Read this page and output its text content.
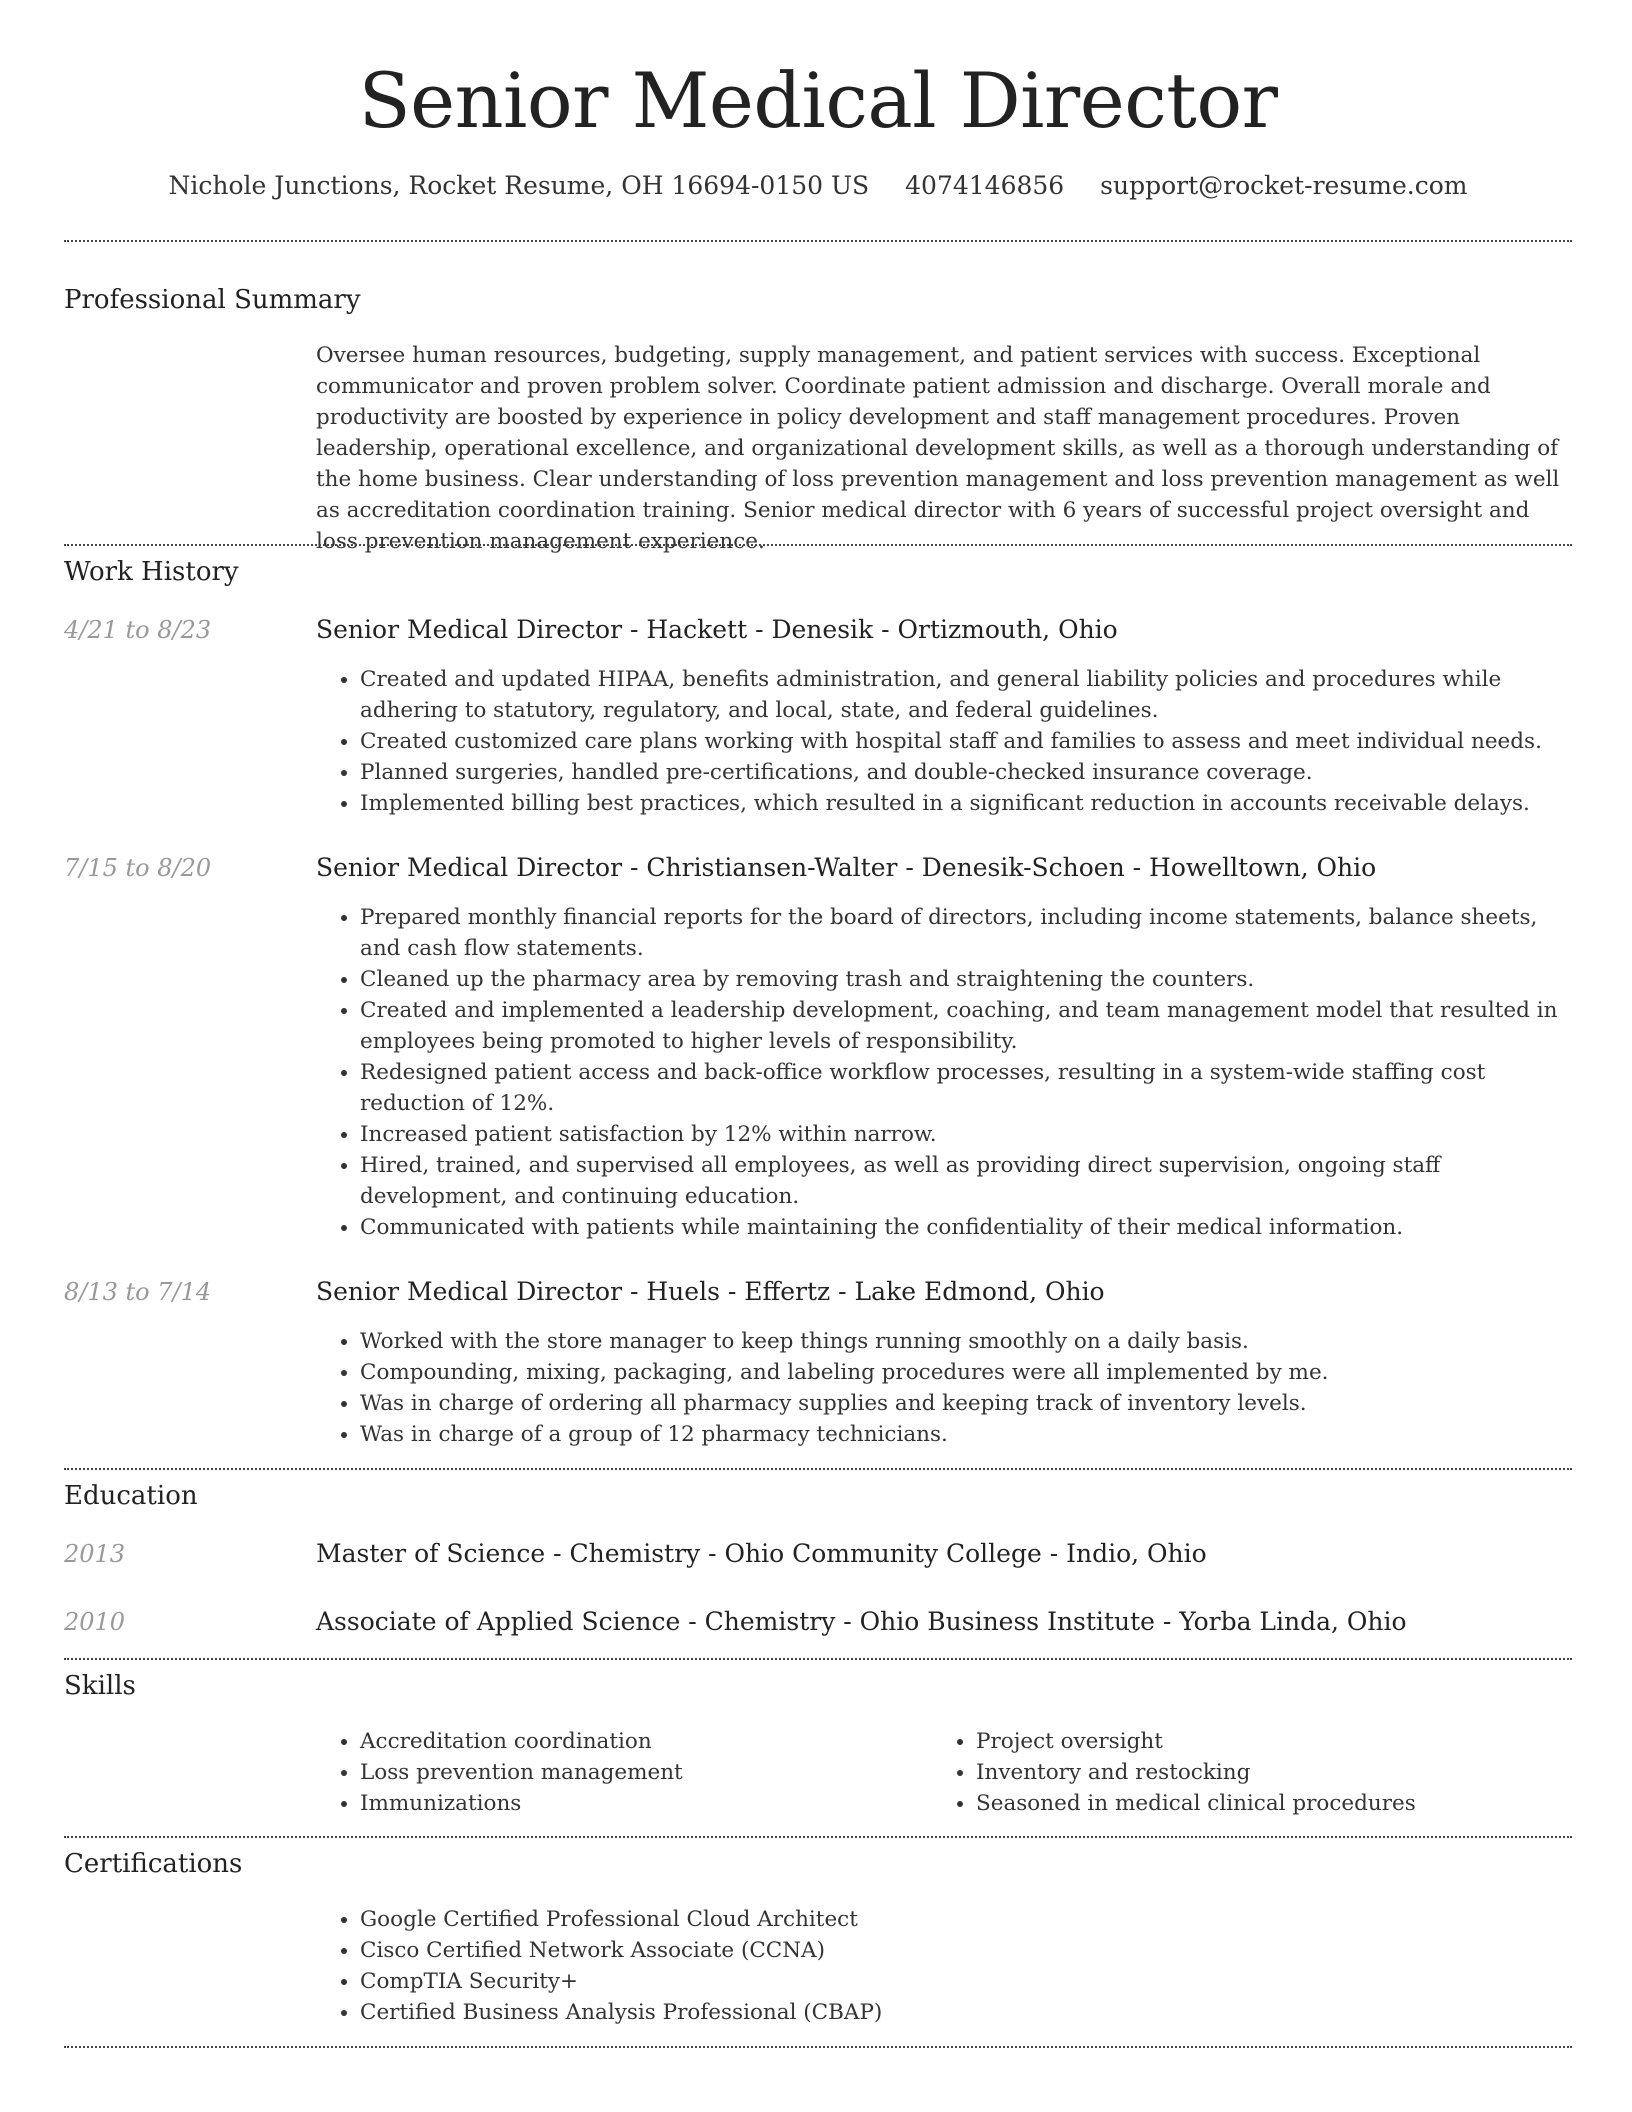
Senior Medical Director
Nichole Junctions, Rocket Resume, OH 16694-0150 US 4074146856 support@rocket-resume.com
Professional Summary

Oversee human resources, budgeting, supply management, and patient services with success. Exceptional communicator and proven problem solver. Coordinate patient admission and discharge. Overall morale and productivity are boosted by experience in policy development and staff management procedures. Proven leadership, operational excellence, and organizational development skills, as well as a thorough understanding of the home business. Clear understanding of loss prevention management and loss prevention management as well as accreditation coordination training. Senior medical director with 6 years of successful project oversight and loss prevention management experience.

Work History
4/21 to 8/23	Senior Medical Director - Hackett - Denesik - Ortizmouth, Ohio
• Created and updated HIPAA, benefits administration, and general liability policies and procedures while adhering to statutory, regulatory, and local, state, and federal guidelines.
• Created customized care plans working with hospital staff and families to assess and meet individual needs.
• Planned surgeries, handled pre-certifications, and double-checked insurance coverage.
• Implemented billing best practices, which resulted in a significant reduction in accounts receivable delays.
7/15 to 8/20	Senior Medical Director - Christiansen-Walter - Denesik-Schoen - Howelltown, Ohio
• Prepared monthly financial reports for the board of directors, including income statements, balance sheets, and cash flow statements.
• Cleaned up the pharmacy area by removing trash and straightening the counters.
• Created and implemented a leadership development, coaching, and team management model that resulted in employees being promoted to higher levels of responsibility.
• Redesigned patient access and back-office workflow processes, resulting in a system-wide staffing cost reduction of 12%.
• Increased patient satisfaction by 12% within narrow.
• Hired, trained, and supervised all employees, as well as providing direct supervision, ongoing staff development, and continuing education.
• Communicated with patients while maintaining the confidentiality of their medical information.
8/13 to 7/14	Senior Medical Director - Huels - Effertz - Lake Edmond, Ohio
• Worked with the store manager to keep things running smoothly on a daily basis.
• Compounding, mixing, packaging, and labeling procedures were all implemented by me.
• Was in charge of ordering all pharmacy supplies and keeping track of inventory levels.
• Was in charge of a group of 12 pharmacy technicians.
Education
2013	Master of Science - Chemistry - Ohio Community College - Indio, Ohio
2010	Associate of Applied Science - Chemistry - Ohio Business Institute - Yorba Linda, Ohio
Skills
• Accreditation coordination
• Loss prevention management
• Immunizations
• Project oversight
• Inventory and restocking
• Seasoned in medical clinical procedures
Certifications
• Google Certified Professional Cloud Architect
• Cisco Certified Network Associate (CCNA)
• CompTIA Security+
• Certified Business Analysis Professional (CBAP)
